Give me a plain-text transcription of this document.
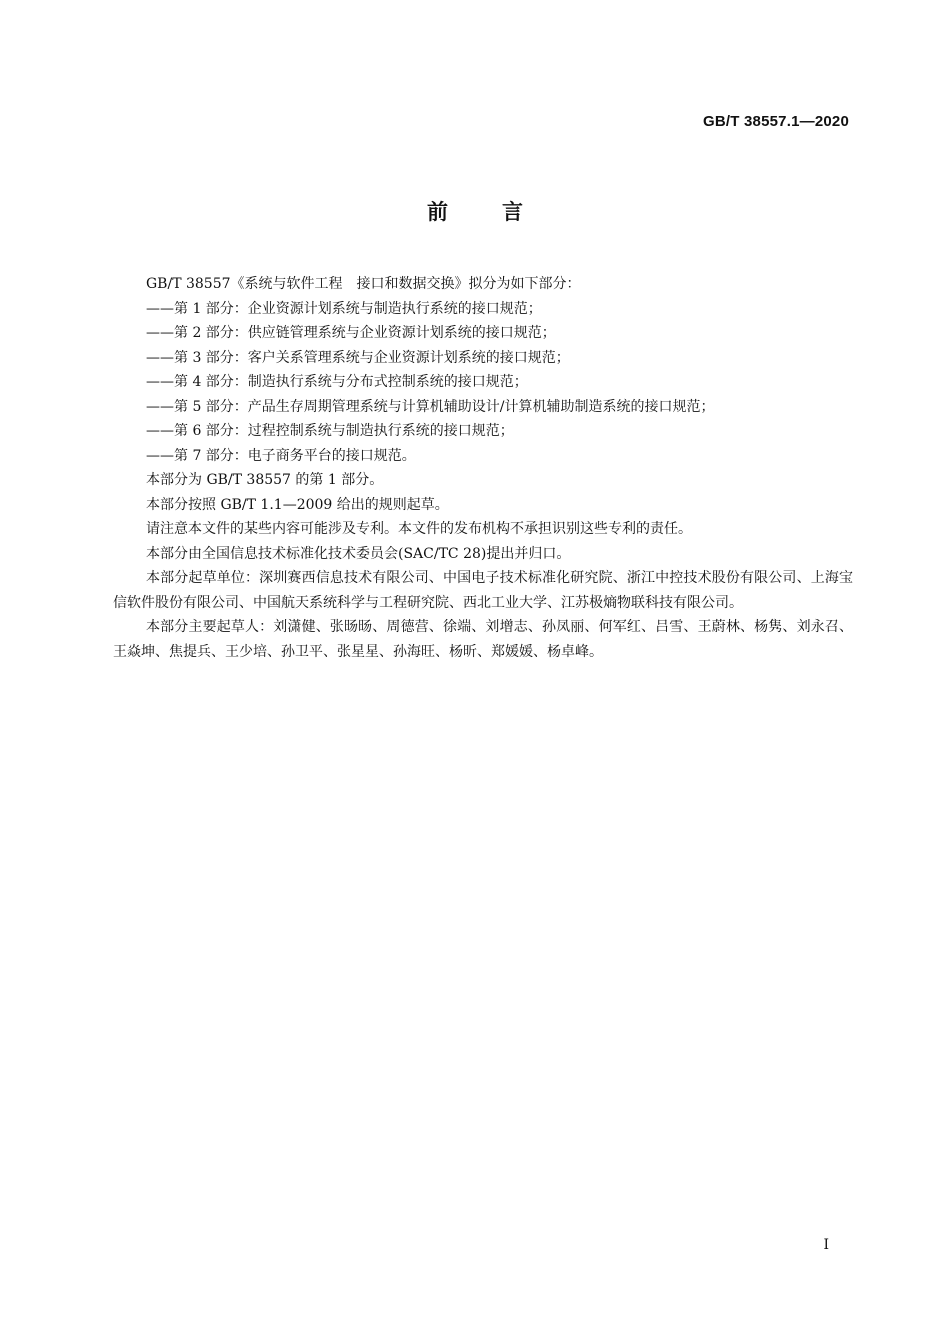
GB/T 38557.1—2020
前	言

GB/T 38557《系统与软件工程　接口和数据交换》拟分为如下部分：

——第 1 部分：企业资源计划系统与制造执行系统的接口规范；

——第 2 部分：供应链管理系统与企业资源计划系统的接口规范；

——第 3 部分：客户关系管理系统与企业资源计划系统的接口规范；

——第 4 部分：制造执行系统与分布式控制系统的接口规范；

——第 5 部分：产品生存周期管理系统与计算机辅助设计/计算机辅助制造系统的接口规范；

——第 6 部分：过程控制系统与制造执行系统的接口规范；

——第 7 部分：电子商务平台的接口规范。

本部分为 GB/T 38557 的第 1 部分。

本部分按照 GB/T 1.1—2009 给出的规则起草。

请注意本文件的某些内容可能涉及专利。本文件的发布机构不承担识别这些专利的责任。

本部分由全国信息技术标准化技术委员会(SAC/TC 28)提出并归口。

本部分起草单位：深圳赛西信息技术有限公司、中国电子技术标准化研究院、浙江中控技术股份有限公司、上海宝信软件股份有限公司、中国航天系统科学与工程研究院、西北工业大学、江苏极熵物联科技有限公司。

本部分主要起草人：刘潇健、张旸旸、周德营、徐端、刘增志、孙凤丽、何军红、吕雪、王蔚林、杨隽、刘永召、王焱坤、焦提兵、王少培、孙卫平、张星星、孙海旺、杨昕、郑媛媛、杨卓峰。

I
